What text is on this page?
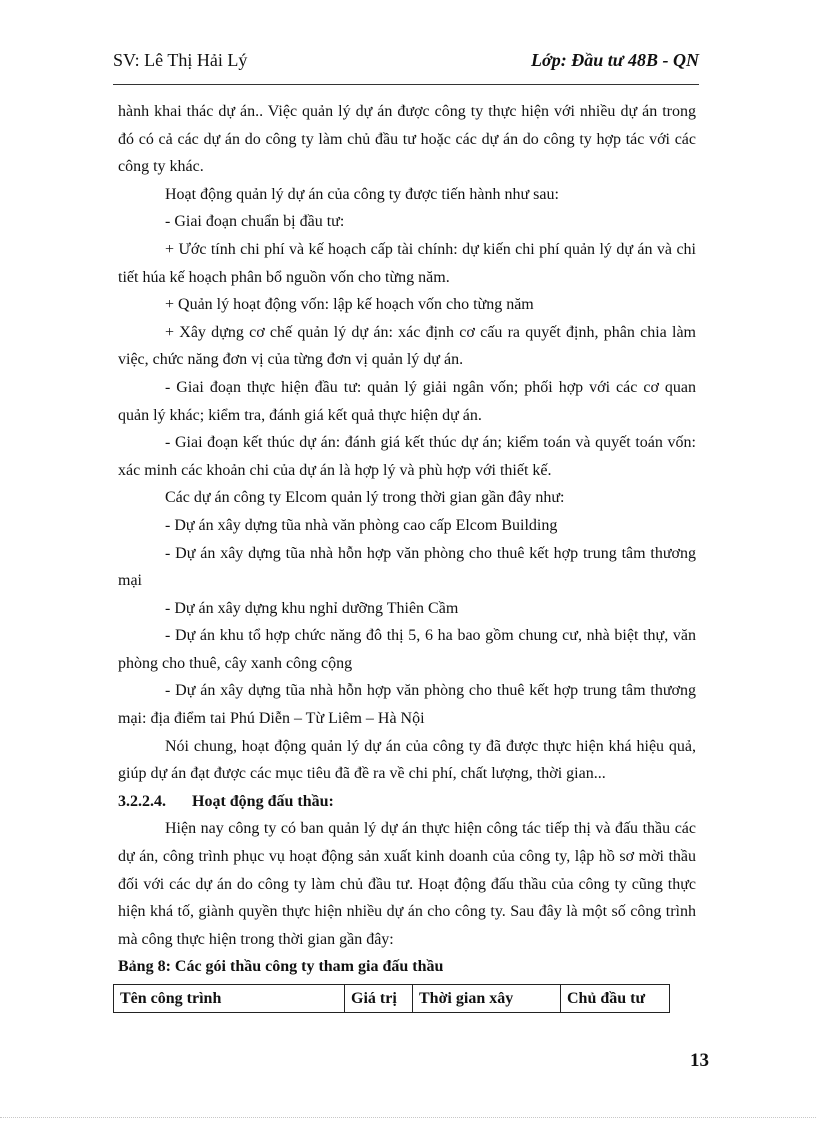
SV: Lê Thị Hải Lý	Lớp: Đầu tư 48B - QN

hành khai thác dự án.. Việc quản lý dự án được công ty thực hiện với nhiều dự án trong đó có cả các dự án do công ty làm chủ đầu tư hoặc các dự án do công ty hợp tác với các công ty khác.

Hoạt động quản lý dự án của công ty được tiến hành như sau:

- Giai đoạn chuẩn bị đầu tư:

+ Ước tính chi phí và kế hoạch cấp tài chính: dự kiến chi phí quản lý dự án và chi tiết húa kế hoạch phân bổ nguồn vốn cho từng năm.

+ Quản lý hoạt động vốn: lập kế hoạch vốn cho từng năm

+ Xây dựng cơ chế quản lý dự án: xác định cơ cấu ra quyết định, phân chia làm việc, chức năng đơn vị của từng đơn vị quản lý dự án.

- Giai đoạn thực hiện đầu tư: quản lý giải ngân vốn; phối hợp với các cơ quan quản lý khác; kiểm tra, đánh giá kết quả thực hiện dự án.

- Giai đoạn kết thúc dự án: đánh giá kết thúc dự án; kiểm toán và quyết toán vốn: xác minh các khoản chi của dự án là hợp lý và phù hợp với thiết kế.

Các dự án công ty Elcom quản lý trong thời gian gần đây như:

- Dự án xây dựng tũa nhà văn phòng cao cấp Elcom Building

- Dự án xây dựng tũa nhà hỗn hợp văn phòng cho thuê kết hợp trung tâm thương mại

- Dự án xây dựng khu nghỉ dưỡng Thiên Cầm

- Dự án khu tổ hợp chức năng đô thị 5, 6 ha bao gồm chung cư, nhà biệt thự, văn phòng cho thuê, cây xanh công cộng

- Dự án xây dựng tũa nhà hỗn hợp văn phòng cho thuê kết hợp trung tâm thương mại: địa điểm tai Phú Diễn – Từ Liêm – Hà Nội

Nói chung, hoạt động quản lý dự án của công ty đã được thực hiện khá hiệu quả, giúp dự án đạt được các mục tiêu đã đề ra về chi phí, chất lượng, thời gian...

3.2.2.4. Hoạt động đấu thầu:

Hiện nay công ty có ban quản lý dự án thực hiện công tác tiếp thị và đấu thầu các dự án, công trình phục vụ hoạt động sản xuất kinh doanh của công ty, lập hồ sơ mời thầu đối với các dự án do công ty làm chủ đầu tư. Hoạt động đấu thầu của công ty cũng thực hiện khá tố, giành quyền thực hiện nhiều dự án cho công ty. Sau đây là một số công trình mà công thực hiện trong thời gian gần đây:

Bảng 8: Các gói thầu công ty tham gia đấu thầu

Tên công trình	Giá trị	Thời gian xây	Chủ đầu tư
13
